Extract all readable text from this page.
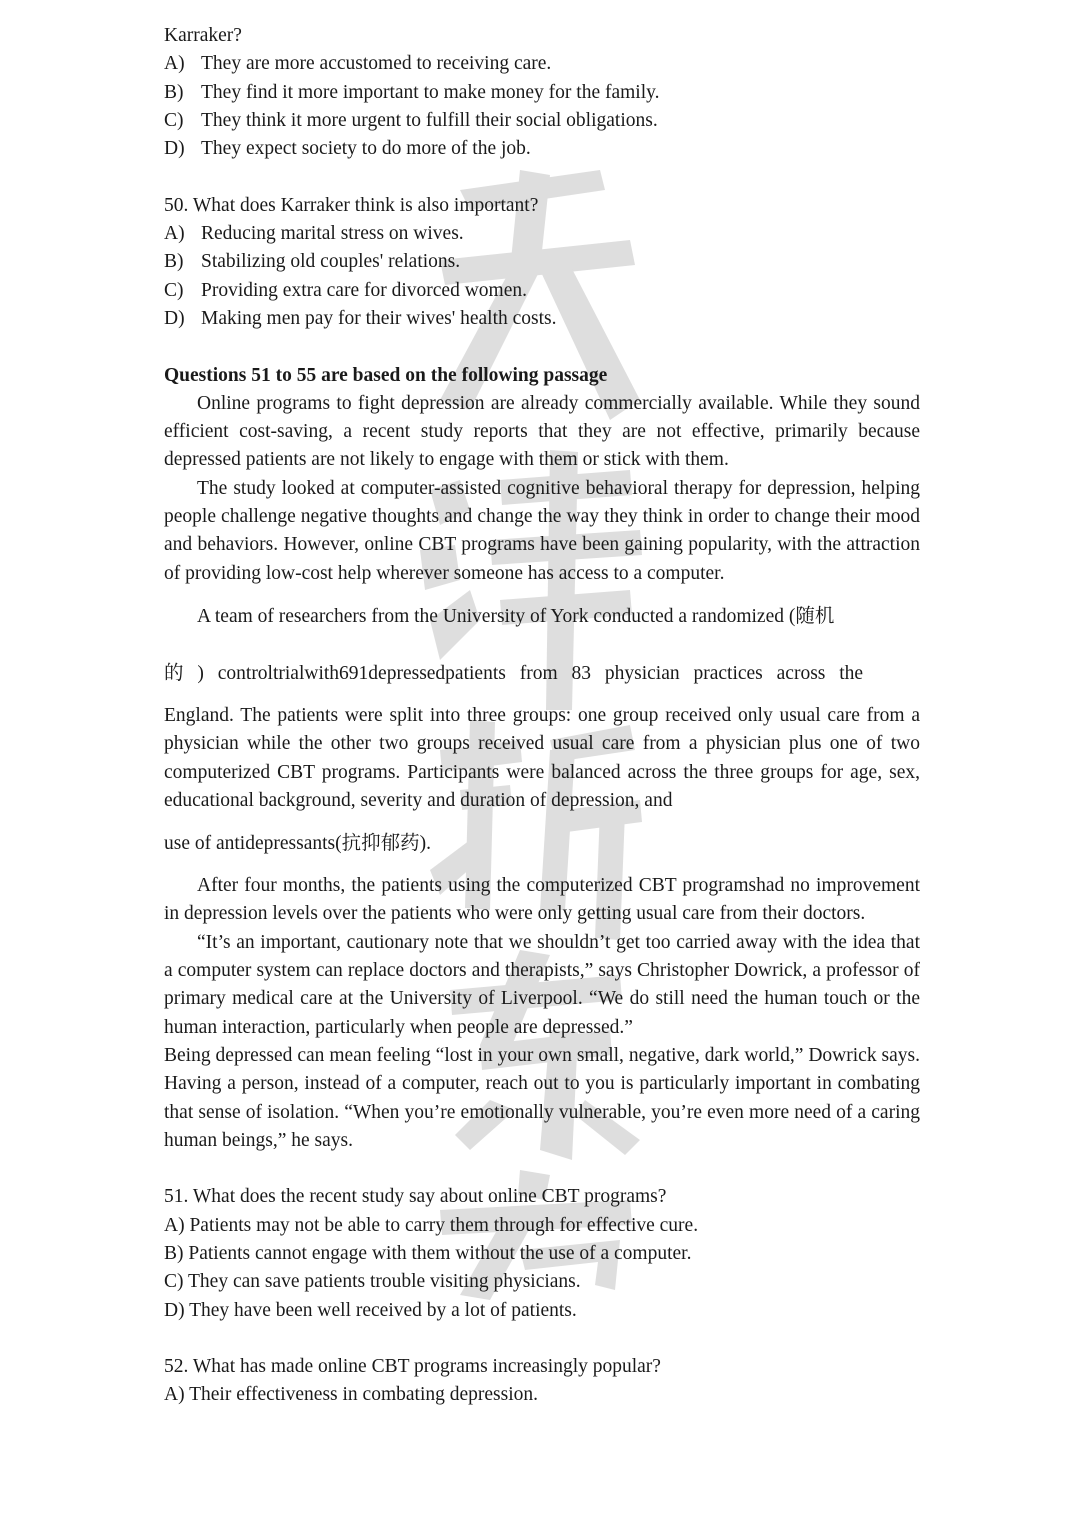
Karraker?
A) They are more accustomed to receiving care.
B) They find it more important to make money for the family.
C) They think it more urgent to fulfill their social obligations.
D) They expect society to do more of the job.
50. What does Karraker think is also important?
A) Reducing marital stress on wives.
B) Stabilizing old couples' relations.
C) Providing extra care for divorced women.
D) Making men pay for their wives' health costs.
Questions 51 to 55 are based on the following passage
Online programs to fight depression are already commercially available. While they sound efficient cost-saving, a recent study reports that they are not effective, primarily because depressed patients are not likely to engage with them or stick with them.
The study looked at computer-assisted cognitive behavioral therapy for depression, helping people challenge negative thoughts and change the way they think in order to change their mood and behaviors. However, online CBT programs have been gaining popularity, with the attraction of providing low-cost help wherever someone has access to a computer.
A team of researchers from the University of York conducted a randomized (随机
的 ) controltrialwith691depressedpatients from 83 physician practices across the
England. The patients were split into three groups: one group received only usual care from a physician while the other two groups received usual care from a physician plus one of two computerized CBT programs. Participants were balanced across the three groups for age, sex, educational background, severity and duration of depression, and
use of antidepressants(抗抑郁药).
After four months, the patients using the computerized CBT programshad no improvement in depression levels over the patients who were only getting usual care from their doctors.
“It’s an important, cautionary note that we shouldn’t get too carried away with the idea that a computer system can replace doctors and therapists,” says Christopher Dowrick, a professor of primary medical care at the University of Liverpool. “We do still need the human touch or the human interaction, particularly when people are depressed.”
Being depressed can mean feeling “lost in your own small, negative, dark world,” Dowrick says. Having a person, instead of a computer, reach out to you is particularly important in combating that sense of isolation. “When you’re emotionally vulnerable, you’re even more need of a caring human beings,” he says.
51. What does the recent study say about online CBT programs?
A) Patients may not be able to carry them through for effective cure.
B) Patients cannot engage with them without the use of a computer.
C) They can save patients trouble visiting physicians.
D) They have been well received by a lot of patients.
52. What has made online CBT programs increasingly popular?
A) Their effectiveness in combating depression.
